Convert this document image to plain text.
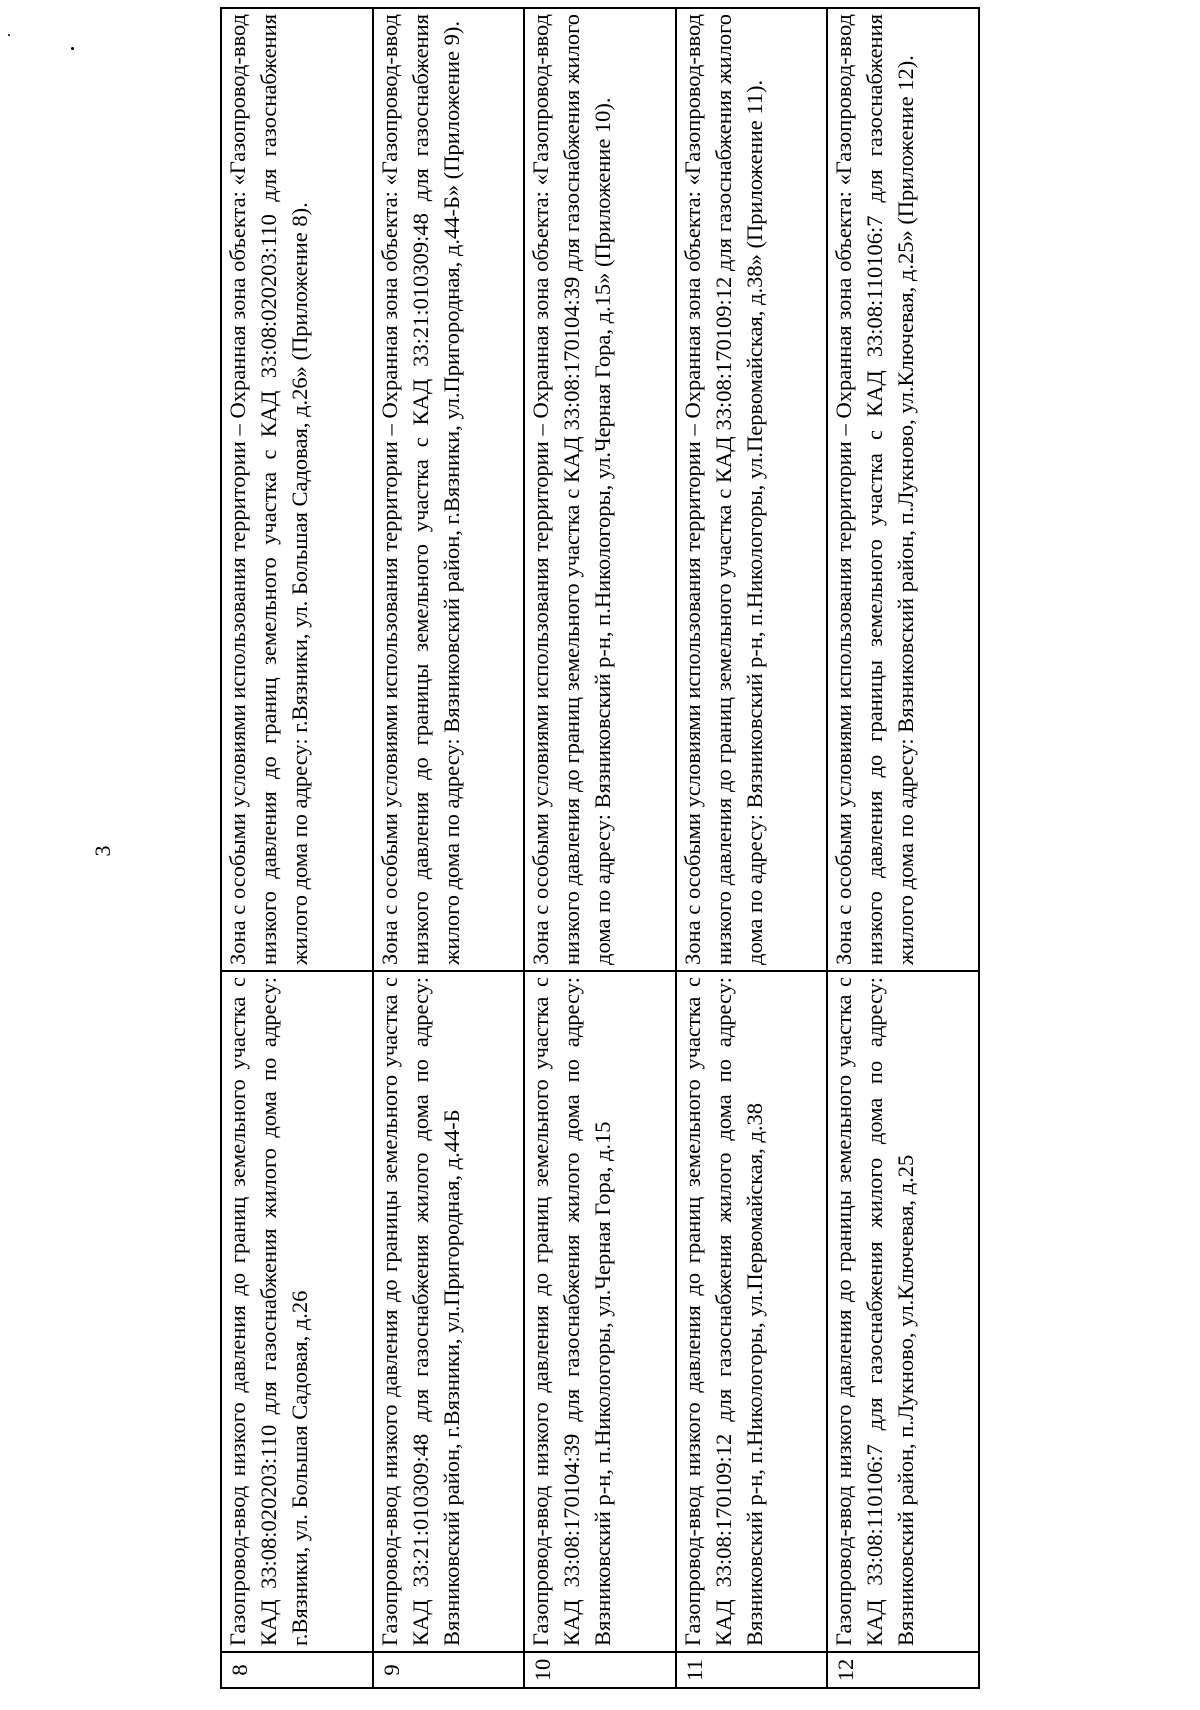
3
8	Газопровод-ввод низкого давления до границ земельного участка с КАД 33:08:020203:110 для газоснабжения жилого дома по адресу: г.Вязники, ул. Большая Садовая, д.26	Зона с особыми условиями использования территории – Охранная зона объекта: «Газопровод-ввод низкого давления до границ земельного участка с КАД 33:08:020203:110 для газоснабжения жилого дома по адресу: г.Вязники, ул. Большая Садовая, д.26» (Приложение 8).
9	Газопровод-ввод низкого давления до границы земельного участка с КАД 33:21:010309:48 для газоснабжения жилого дома по адресу: Вязниковский район, г.Вязники, ул.Пригородная, д.44-Б	Зона с особыми условиями использования территории – Охранная зона объекта: «Газопровод-ввод низкого давления до границы земельного участка с КАД 33:21:010309:48 для газоснабжения жилого дома по адресу: Вязниковский район, г.Вязники, ул.Пригородная, д.44-Б» (Приложение 9).
10	Газопровод-ввод низкого давления до границ земельного участка с КАД 33:08:170104:39 для газоснабжения жилого дома по адресу: Вязниковский р-н, п.Никологоры, ул.Черная Гора, д.15	Зона с особыми условиями использования территории – Охранная зона объекта: «Газопровод-ввод низкого давления до границ земельного участка с КАД 33:08:170104:39 для газоснабжения жилого дома по адресу: Вязниковский р-н, п.Никологоры, ул.Черная Гора, д.15» (Приложение 10).
11	Газопровод-ввод низкого давления до границ земельного участка с КАД 33:08:170109:12 для газоснабжения жилого дома по адресу: Вязниковский р-н, п.Никологоры, ул.Первомайская, д.38	Зона с особыми условиями использования территории – Охранная зона объекта: «Газопровод-ввод низкого давления до границ земельного участка с КАД 33:08:170109:12 для газоснабжения жилого дома по адресу: Вязниковский р-н, п.Никологоры, ул.Первомайская, д.38» (Приложение 11).
12	Газопровод-ввод низкого давления до границы земельного участка с КАД 33:08:110106:7 для газоснабжения жилого дома по адресу: Вязниковский район, п.Лукново, ул.Ключевая, д.25	Зона с особыми условиями использования территории – Охранная зона объекта: «Газопровод-ввод низкого давления до границы земельного участка с КАД 33:08:110106:7 для газоснабжения жилого дома по адресу: Вязниковский район, п.Лукново, ул.Ключевая, д.25» (Приложение 12).
